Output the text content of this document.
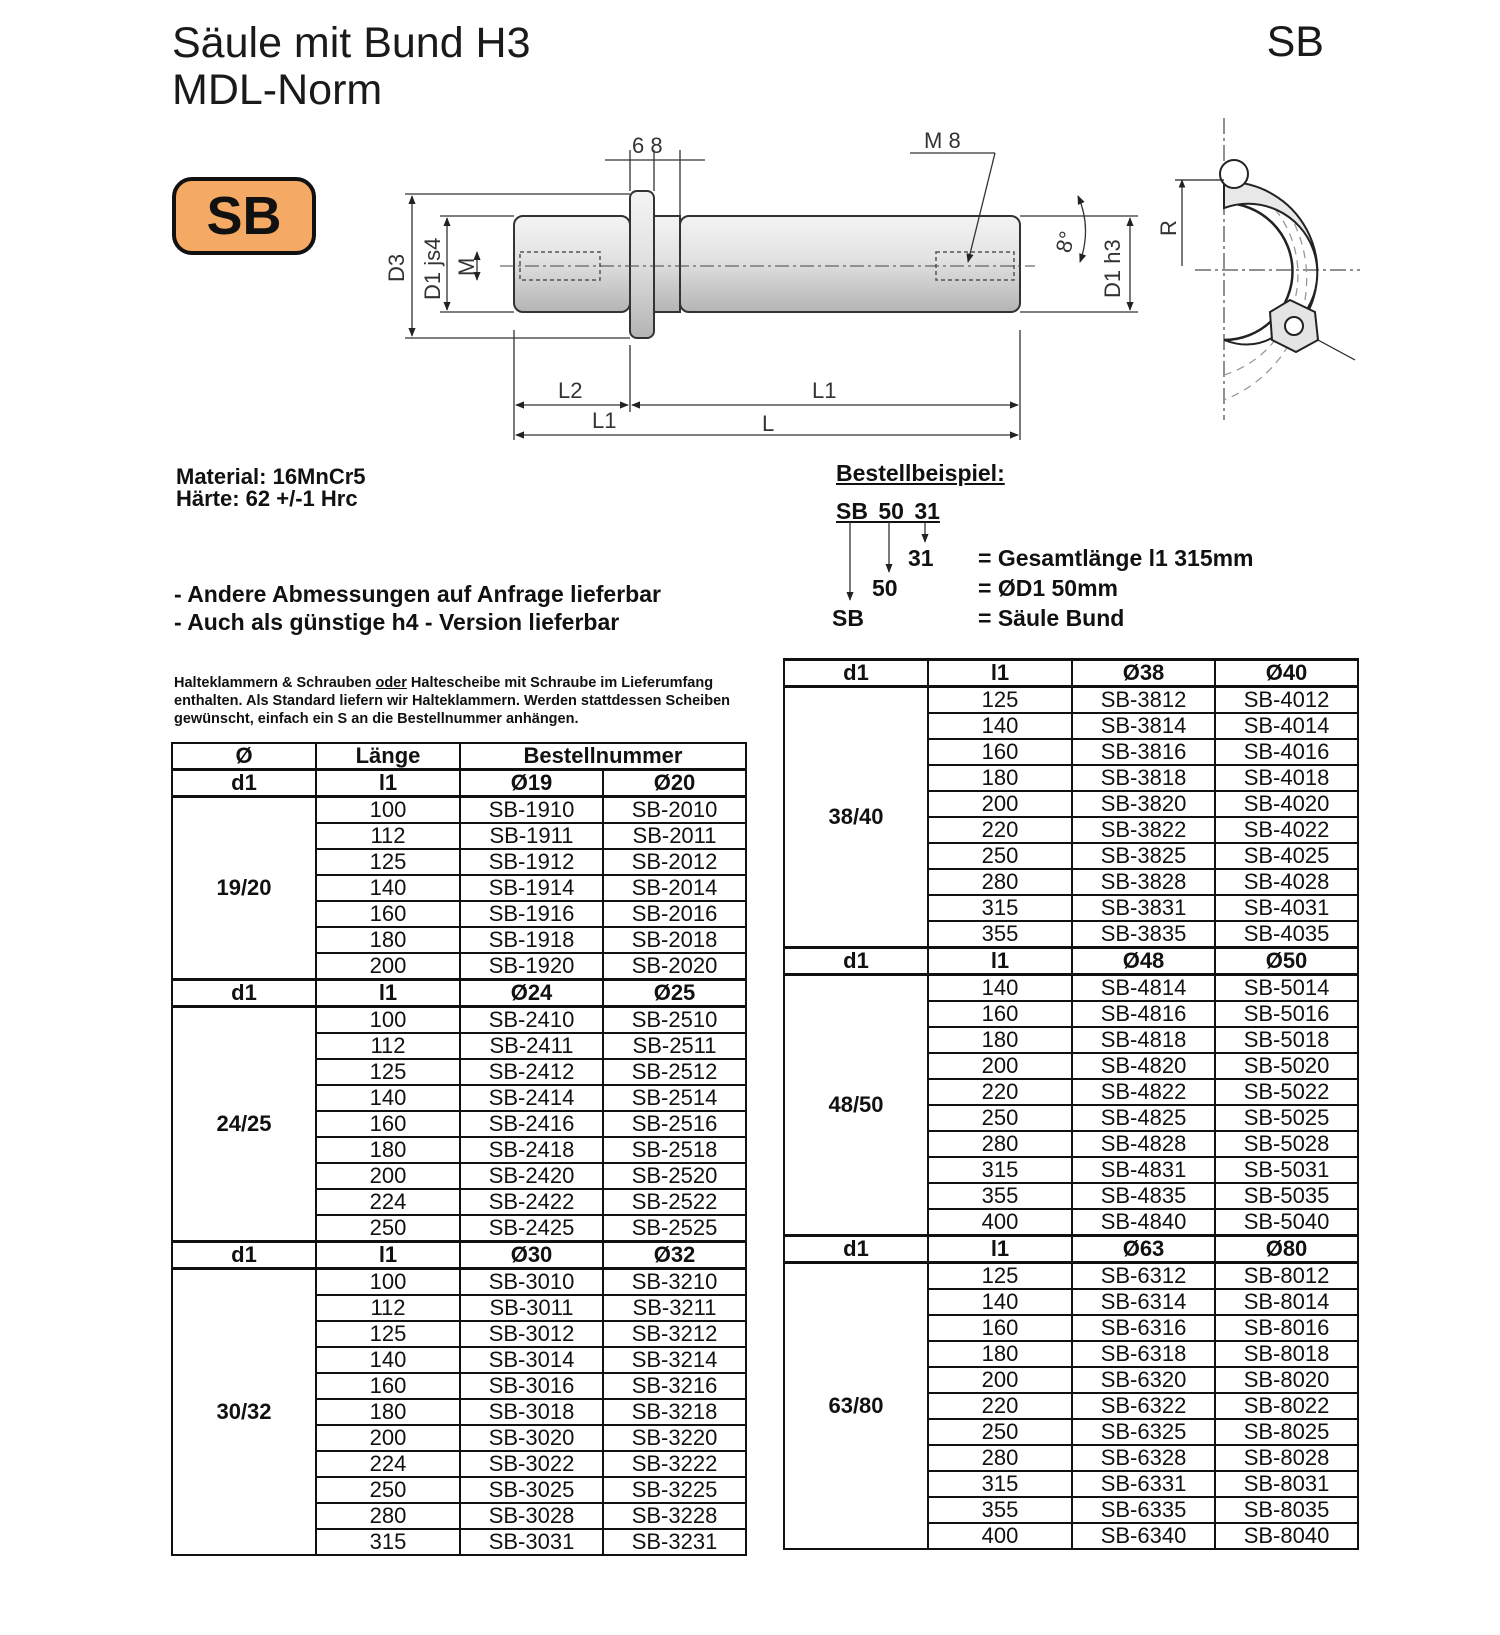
Säule mit Bund H3
MDL-Norm
SB
SB
D3 D1 js4 M
6 8	M 8
8° D1 h3
R
L2	L1
L1	L
Material: 16MnCr5
Härte: 62 +/-1 Hrc
- Andere Abmessungen auf Anfrage lieferbar
- Auch als günstige h4 - Version lieferbar
Halteklammern & Schrauben oder Haltescheibe mit Schraube im Lieferumfang enthalten. Als Standard liefern wir Halteklammern. Werden stattdessen Scheiben gewünscht, einfach ein S an die Bestellnummer anhängen.
Bestellbeispiel:
SB 50 31
31 = Gesamtlänge l1 315mm
50	= ØD1 50mm
SB	= Säule Bund
Ø	Länge	Bestellnummer	
d1	l1	Ø19	Ø20
19/20	100	SB-1910	SB-2010
	112	SB-1911	SB-2011
	125	SB-1912	SB-2012
	140	SB-1914	SB-2014
	160	SB-1916	SB-2016
	180	SB-1918	SB-2018
	200	SB-1920	SB-2020
d1	l1	Ø24	Ø25
24/25	100	SB-2410	SB-2510
	112	SB-2411	SB-2511
	125	SB-2412	SB-2512
	140	SB-2414	SB-2514
	160	SB-2416	SB-2516
	180	SB-2418	SB-2518
	200	SB-2420	SB-2520
	224	SB-2422	SB-2522
	250	SB-2425	SB-2525
d1	l1	Ø30	Ø32
30/32	100	SB-3010	SB-3210
	112	SB-3011	SB-3211
	125	SB-3012	SB-3212
	140	SB-3014	SB-3214
	160	SB-3016	SB-3216
	180	SB-3018	SB-3218
	200	SB-3020	SB-3220
	224	SB-3022	SB-3222
	250	SB-3025	SB-3225
	280	SB-3028	SB-3228
	315	SB-3031	SB-3231
d1	l1	Ø38	Ø40
38/40	125	SB-3812	SB-4012
	140	SB-3814	SB-4014
	160	SB-3816	SB-4016
	180	SB-3818	SB-4018
	200	SB-3820	SB-4020
	220	SB-3822	SB-4022
	250	SB-3825	SB-4025
	280	SB-3828	SB-4028
	315	SB-3831	SB-4031
	355	SB-3835	SB-4035
d1	l1	Ø48	Ø50
48/50	140	SB-4814	SB-5014
	160	SB-4816	SB-5016
	180	SB-4818	SB-5018
	200	SB-4820	SB-5020
	220	SB-4822	SB-5022
	250	SB-4825	SB-5025
	280	SB-4828	SB-5028
	315	SB-4831	SB-5031
	355	SB-4835	SB-5035
	400	SB-4840	SB-5040
d1	l1	Ø63	Ø80
63/80	125	SB-6312	SB-8012
	140	SB-6314	SB-8014
	160	SB-6316	SB-8016
	180	SB-6318	SB-8018
	200	SB-6320	SB-8020
	220	SB-6322	SB-8022
	250	SB-6325	SB-8025
	280	SB-6328	SB-8028
	315	SB-6331	SB-8031
	355	SB-6335	SB-8035
	400	SB-6340	SB-8040
